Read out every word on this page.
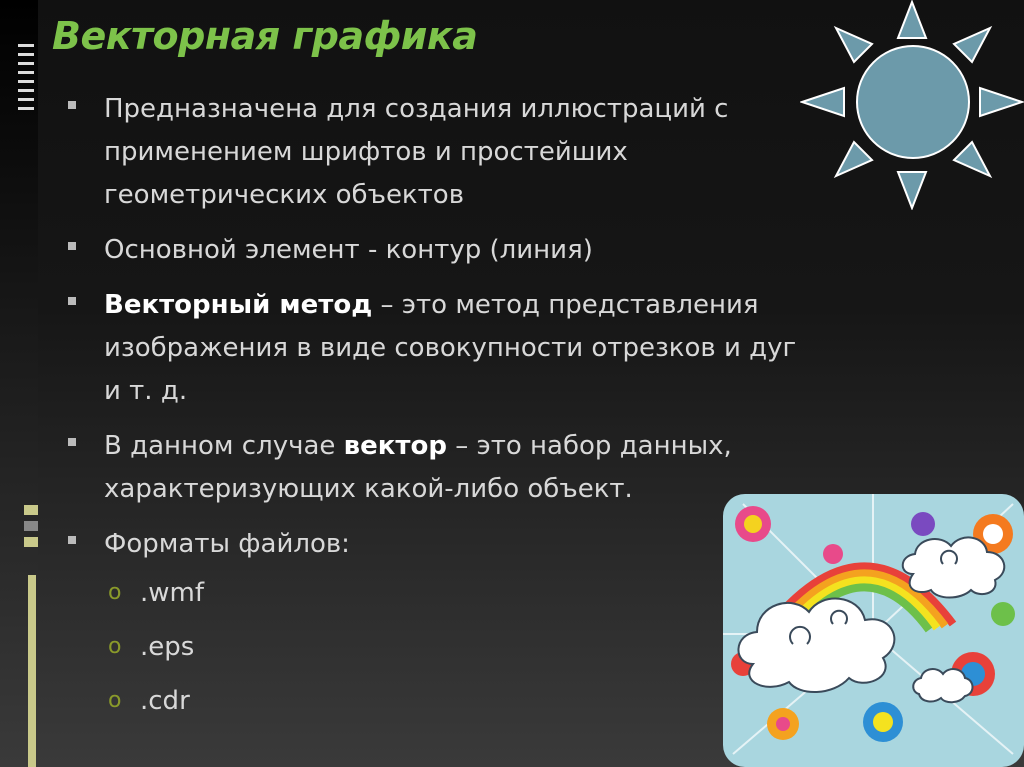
Векторная графика
Предназначена для создания иллюстраций с применением шрифтов и простейших геометрических объектов
Основной элемент - контур (линия)
Векторный метод – это метод представления изображения в виде совокупности отрезков и дуг и т. д.
В данном случае вектор – это набор данных, характеризующих какой-либо объект.
Форматы файлов:
o .wmf
o .eps
o .cdr
